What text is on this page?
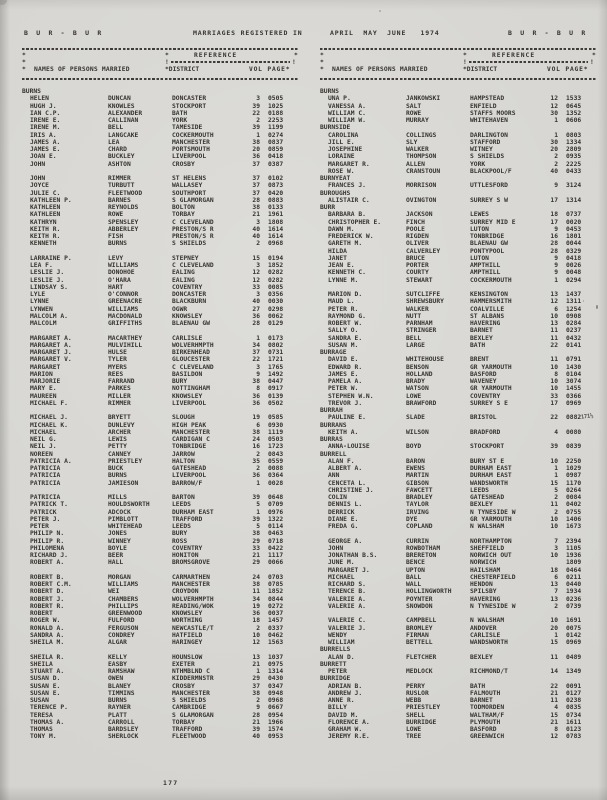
B U R - B U R	MARRIAGES REGISTERED IN	APRIL  MAY  JUNE   1974	B U R - B U R
*	*	REFERENCE	*
*	!	!
* NAMES OF PERSONS MARRIED	*DISTRICT	VOL PAGE*
*	*	REFERENCE	*
*	!	!
* NAMES OF PERSONS MARRIED	*DISTRICT	VOL PAGE*
BURNS
HELEN	DUNCAN	DONCASTER	3 0505
HUGH J.	KNOWLES	STOCKPORT	39 1025
IAN C.P.	ALEXANDER	BATH	22 0188
IRENE E.	CALLINAN	YORK	2 2253
IRENE M.	BELL	TAMESIDE	39 1199
IRIS A.	LANGCAKE	COCKERMOUTH	1 0274
JAMES A.	LEA	MANCHESTER	38 0837
JAMES E.	CHARD	PORTSMOUTH	20 0859
JOAN E.	BUCKLEY	LIVERPOOL	36 0418
JOHN	ASHTON	CROSBY	37 0387
JOHN	RIMMER	ST HELENS	37 0102
JOYCE	TURBUTT	WALLASEY	37 0873
JULIE C.	FLEETWOOD	SOUTHPORT	37 0420
KATHLEEN P.	BARNES	S GLAMORGAN	28 0883
KATHLEEN	REYNOLDS	BOLTON	38 0133
KATHLEEN	ROWE	TORBAY	21 1961
KATHRYN	SPENSLEY	C CLEVELAND	3 1808
KEITH R.	ABBERLEY	PRESTON/S R	40 1614
KEITH R.	FISH	PRESTON/S R	40 1614
KENNETH	BURNS	S SHIELDS	2 0968
LARRAINE P.	LEVY	STEPNEY	15 0194
LEA F.	WILLIAMS	C CLEVELAND	3 1852
LESLIE J.	DONOHOE	EALING	12 0282
LESLIE J.	O'HARA	EALING	12 0282
LINDSAY S.	HART	COVENTRY	33 0085
LYLE	O'CONNOR	DONCASTER	3 0356
LYNNE	GREENACRE	BLACKBURN	40 0030
LYNWEN	WILLIAMS	OGWR	27 0298
MALCOLM A.	MACDONALD	KNOWSLEY	36 0062
MALCOLM	GRIFFITHS	BLAENAU GW	28 0129
MARGARET A.	MACARTHEY	CARLISLE	1 0173
MARGARET A.	MULVIHILL	WOLVERHMPTH	34 0802
MARGARET J.	HULSE	BIRKENHEAD	37 0731
MARGARET V.	TYLER	GLOUCESTER	22 1721
MARGARET	MYERS	C CLEVELAND	3 1765
MARION	REES	BASILDON	9 1492
MARJORIE	FARRAND	BURY	38 0447
MARY E.	PARKES	NOTTINGHAM	8 0917
MAUREEN	MILLER	KNOWSLEY	36 0139
MICHAEL F.	RIMMER	LIVERPOOL	36 0502
MICHAEL J.	BRYETT	SLOUGH	19 0585
MICHAEL K.	DUNLEVY	HIGH PEAK	6 0930
MICHAEL	ARCHER	MANCHESTER	38 1119
NEIL G.	LEWIS	CARDIGAN C	24 0503
NEIL J.	PETTY	TONBRIDGE	16 1723
NOREEN	CANNEY	JARROW	2 0843
PATRICIA A.	PRIESTLEY	HALTON	35 0559
PATRICIA	BUCK	GATESHEAD	2 0088
PATRICIA	BURNS	LIVERPOOL	36 0364
PATRICIA	JAMIESON	BARROW/F	1 0028
PATRICIA	MILLS	BARTON	39 0648
PATRICK T.	HOULDSWORTH	LEEDS	5 0709
PATRICK	ADCOCK	DURHAM EAST	1 0976
PETER J.	PIMBLOTT	TRAFFORD	39 1322
PETER	WHITEHEAD	LEEDS	5 0114
PHILIP N.	JONES	BURY	38 0463
PHILIP R.	WINNEY	ROSS	29 0718
PHILOMENA	BOYLE	COVENTRY	33 0422
RICHARD J.	BEER	HONITON	21 1117
ROBERT A.	HALL	BROMSGROVE	29 0066
ROBERT B.	MORGAN	CARMARTHEN	24 0703
ROBERT C.M.	WILLIAMS	MANCHESTER	38 0785
ROBERT D.	WEI	CROYDON	11 1852
ROBERT J.	CHAMBERS	WOLVERHMPTH	34 0844
ROBERT R.	PHILLIPS	READING/WOK	19 0272
ROBERT	GREENWOOD	KNOWSLEY	36 0037
ROGER W.	FULFORD	WORTHING	18 1457
RONALD A.	FERGUSON	NEWCASTLE/T	2 0337
SANDRA A.	CONDREY	HATFIELD	10 0462
SHEILA M.	ALGAR	HARINGEY	12 1563
SHEILA R.	KELLY	HOUNSLOW	13 1037
SHEILA	EASBY	EXETER	21 0975
STUART A.	RAMSHAW	NTHMBLND C	1 1314
SUSAN D.	OWEN	KIDDERMNSTR	29 0430
SUSAN E.	BLANEY	CROSBY	37 0347
SUSAN E.	TIMMINS	MANCHESTER	38 0948
SUSAN	BURNS	S SHIELDS	2 0968
TERENCE P.	RAYNER	CAMBRIDGE	9 0667
TERESA	PLATT	S GLAMORGAN	28 0954
THOMAS A.	CARROLL	TORBAY	21 1966
THOMAS	BARDSLEY	TRAFFORD	39 1574
TONY M.	SHERLOCK	FLEETWOOD	40 0953
BURNS
UNA P.	JANKOWSKI	HAMPSTEAD	12 1533
VANESSA A.	SALT	ENFIELD	12 0645
WILLIAM C.	ROWE	STAFFS MOORS	30 1352
WILLIAM W.	MURRAY	WHITEHAVEN	1 0606
BURNSIDE
CAROLINA	COLLINGS	DARLINGTON	1 0803
JILL E.	SLY	STAFFORD	30 1334
JOSEPHINE	WALKER	WITNEY	20 2809
LORAINE	THOMPSON	S SHIELDS	2 0935
MARGARET R.	ALLEN	YORK	2 2225
ROSE W.	CRANSTOUN	BLACKPOOL/F	40 0433
BURNYEAT
FRANCES J.	MORRISON	UTTLESFORD	9 3124
BUROUGHS
ALISTAIR C.	OVINGTON	SURREY S W	17 1314
BURR
BARBARA B.	JACKSON	LEWES	18 0737
CHRISTOPHER E.	FINCH	SURREY MID E	17 0020
DAWN M.	POOLE	LUTON	9 0453
FREDERICK W.	RIGDEN	TONBRIDGE	16 1801
GARETH M.	OLIVER	BLAENAU GW	28 0044
HILDA	CALVERLEY	PONTYPOOL	28 0329
JANET	BRUCE	LUTON	9 0418
JEAN E.	PORTER	AMPTHILL	9 0026
KENNETH C.	COURTY	AMPTHILL	9 0048
LYNNE M.	STEWART	COCKERMOUTH	1 0294
MARION D.	SUTCLIFFE	KENSINGTON	13 1437
MAUD L.	SHREWSBURY	HAMMERSMITH	12 1311
PETER R.	WALKER	COALVILLE	6 1254
RAYMOND G.	NUTT	ST ALBANS	10 0908
ROBERT W.	PARNHAM	HAVERING	13 0284
SALLY O.	STRINGER	BARNET	11 0237
SANDRA E.	BELL	BEXLEY	11 0432
SUSAN M.	LARGE	BATH	22 0141
BURRAGE
DAVID E.	WHITEHOUSE	BRENT	11 0791
EDWARD R.	BENSON	GR YARMOUTH	10 1430
JAMES E.	HOLLAND	BASFORD	8 0104
PAMELA A.	BRADY	WAVENEY	10 3074
PETER W.	WATSON	GR YARMOUTH	10 1455
STEPHEN W.N.	LOWE	COVENTRY	33 0366
TREVOR J.	BRAWFORD	SURREY S E	17 0969
BURRAH
PAULINE E.	SLADE	BRISTOL	22 0882 171½
BURRANS
KEITH A.	WILSON	BRADFORD	4 0080
BURRAS
ANNA-LOUISE	BOYD	STOCKPORT	39 0839
BURRELL
ALAN F.	BARON	BURY ST E	10 2250
ALBERT A.	EWENS	DURHAM EAST	1 1029
ANN	MARTIN	DURHAM EAST	1 0987
CENCETA L.	GIBSON	WANDSWORTH	15 1170
CHRISTINE J.	FAWCETT	LEEDS	5 0264
COLIN	BRADLEY	GATESHEAD	2 0084
DENNIS L.	TAYLOR	BEXLEY	11 0402
DERRICK	IRVING	N TYNESIDE W	2 0755
DIANE E.	DYE	GR YARMOUTH	10 1406
FREDA G.	COPLAND	N WALSHAM	10 1673
GEORGE A.	CURRIN	NORTHAMPTON	7 2394
JOHN	ROWBOTHAM	SHEFFIELD	3 1105
JONATHAN B.S.	BRERETON	NORWICH OUT	10 1936
JUNE M.	BENCE	NORWICH	1809
MARGARET J.	UPTON	HAILSHAM	18 0464
MICHAEL	BALL	CHESTERFIELD	6 0211
RICHARD S.	WALL	HENDON	13 0440
TERENCE B.	HOLLINGWORTH	SPILSBY	7 1934
VALERIE A.	POYNTER	HAVERING	13 0236
VALERIE A.	SNOWDON	N TYNESIDE W	2 0739
VALERIE C.	CAMPBELL	N WALSHAM	10 1691
VALERIE J.	BROMLEY	ANDOVER	20 0075
WENDY	FIRMAN	CARLISLE	1 0142
WILLIAM	BETTELL	WANDSWORTH	15 0969
BURRELLS
ALAN D.	FLETCHER	BEXLEY	11 0489
BURRETT
PETER	MEDLOCK	RICHMOND/T	14 1349
BURRIDGE
ADRIAN B.	PERRY	BATH	22 0091
ANDREW J.	RUSLOR	FALMOUTH	21 0127
ANNE R.	WEBB	BARNET	11 0238
BILLY	PRIESTLEY	TODMORDEN	4 0835
DAVID M.	SHELL	WALTHAM/F	15 0734
FLORENCE A.	BURRIDGE	PLYMOUTH	21 1611
GRAHAM W.	LOWE	BASFORD	8 0123
JEREMY R.E.	TREE	GREENWICH	12 0783
177
